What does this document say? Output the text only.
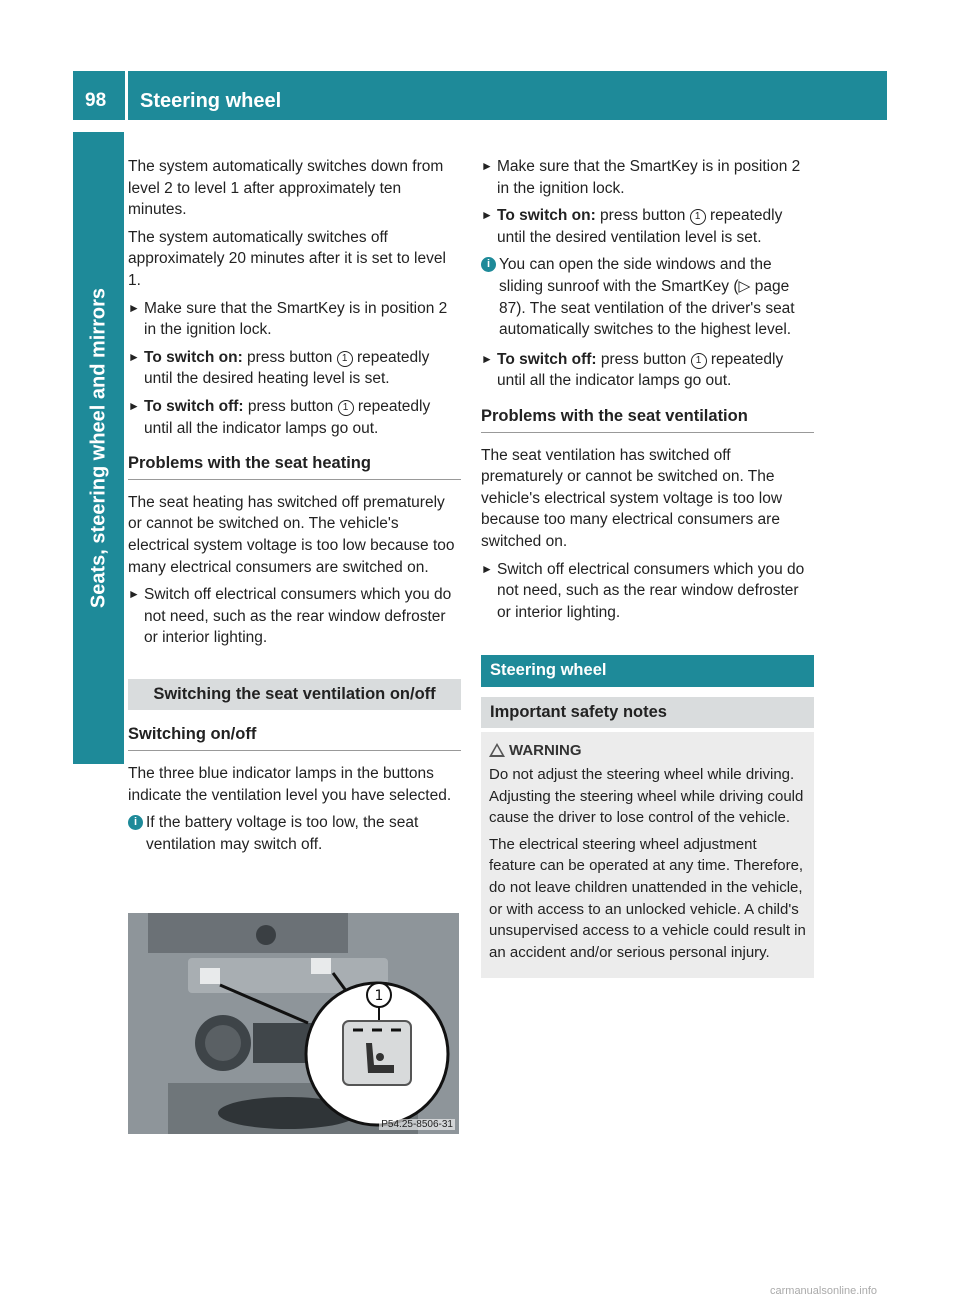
98 Steering wheel
Seats, steering wheel and mirrors

The system automatically switches down from level 2 to level 1 after approximately ten minutes.

The system automatically switches off approximately 20 minutes after it is set to level 1.

► Make sure that the SmartKey is in position 2 in the ignition lock.
► To switch on: press button 1 repeatedly until the desired heating level is set.
► To switch off: press button 1 repeatedly until all the indicator lamps go out.
Problems with the seat heating

The seat heating has switched off prematurely or cannot be switched on. The vehicle's electrical system voltage is too low because too many electrical consumers are switched on.

► Switch off electrical consumers which you do not need, such as the rear window defroster or interior lighting.
Switching the seat ventilation on/off
Switching on/off

The three blue indicator lamps in the buttons indicate the ventilation level you have selected.

i If the battery voltage is too low, the seat ventilation may switch off.
1
P54.25-8506-31
► Make sure that the SmartKey is in position 2 in the ignition lock.
► To switch on: press button 1 repeatedly until the desired ventilation level is set.
i You can open the side windows and the sliding sunroof with the SmartKey (▷ page 87). The seat ventilation of the driver's seat automatically switches to the highest level.
► To switch off: press button 1 repeatedly until all the indicator lamps go out.
Problems with the seat ventilation

The seat ventilation has switched off prematurely or cannot be switched on. The vehicle's electrical system voltage is too low because too many electrical consumers are switched on.

► Switch off electrical consumers which you do not need, such as the rear window defroster or interior lighting.
Steering wheel
Important safety notes
WARNING

Do not adjust the steering wheel while driving. Adjusting the steering wheel while driving could cause the driver to lose control of the vehicle.

The electrical steering wheel adjustment feature can be operated at any time. Therefore, do not leave children unattended in the vehicle, or with access to an unlocked vehicle. A child's unsupervised access to a vehicle could result in an accident and/or serious personal injury.

carmanualsonline.info
